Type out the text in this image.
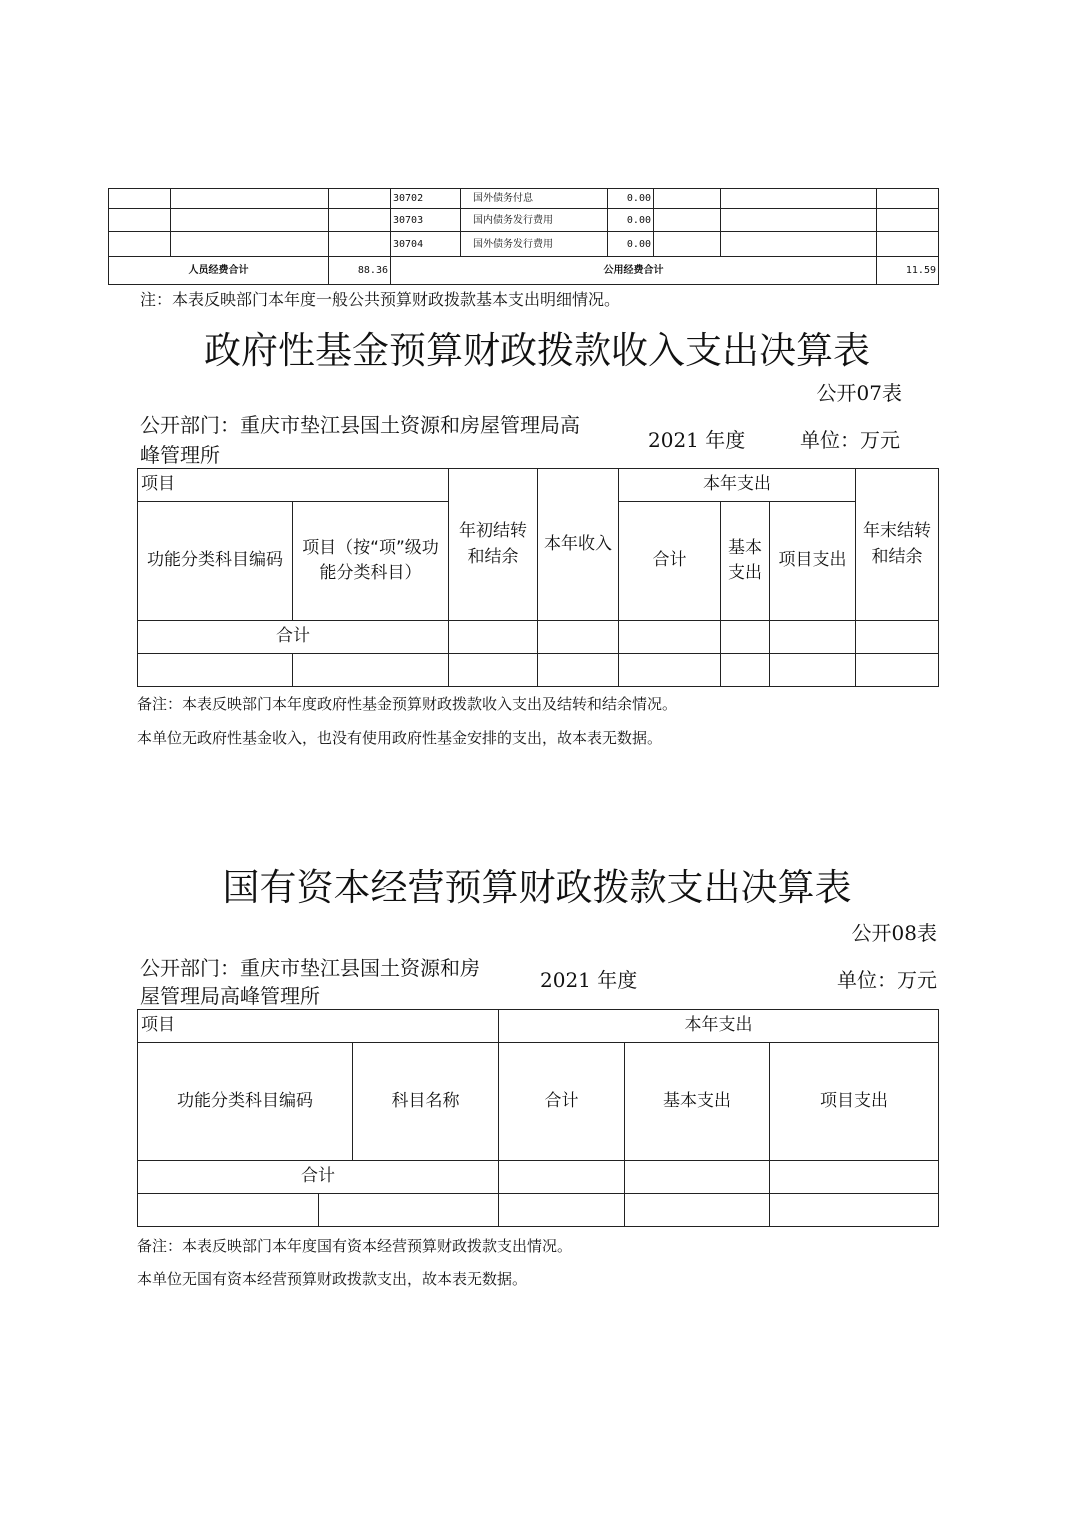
			30702	国外债务付息	0.00			
			30703	国内债务发行费用	0.00			
			30704	国外债务发行费用	0.00			
人员经费合计		88.36	公用经费合计					11.59
注：本表反映部门本年度一般公共预算财政拨款基本支出明细情况。
政府性基金预算财政拨款收入支出决算表
公开07表
公开部门：重庆市垫江县国土资源和房屋管理局高
峰管理所
2021 年度	单位：万元
项目		年初结转和结余	本年收入	本年支出			年末结转和结余
功能分类科目编码	项目（按“项”级功能分类科目）			合计	基本支出	项目支出	
合计							

备注：本表反映部门本年度政府性基金预算财政拨款收入支出及结转和结余情况。
本单位无政府性基金收入，也没有使用政府性基金安排的支出，故本表无数据。
国有资本经营预算财政拨款支出决算表
公开08表
公开部门：重庆市垫江县国土资源和房
屋管理局高峰管理所
2021 年度	单位：万元
项目			本年支出		
功能分类科目编码		科目名称	合计	基本支出	项目支出
合计					

备注：本表反映部门本年度国有资本经营预算财政拨款支出情况。
本单位无国有资本经营预算财政拨款支出，故本表无数据。
